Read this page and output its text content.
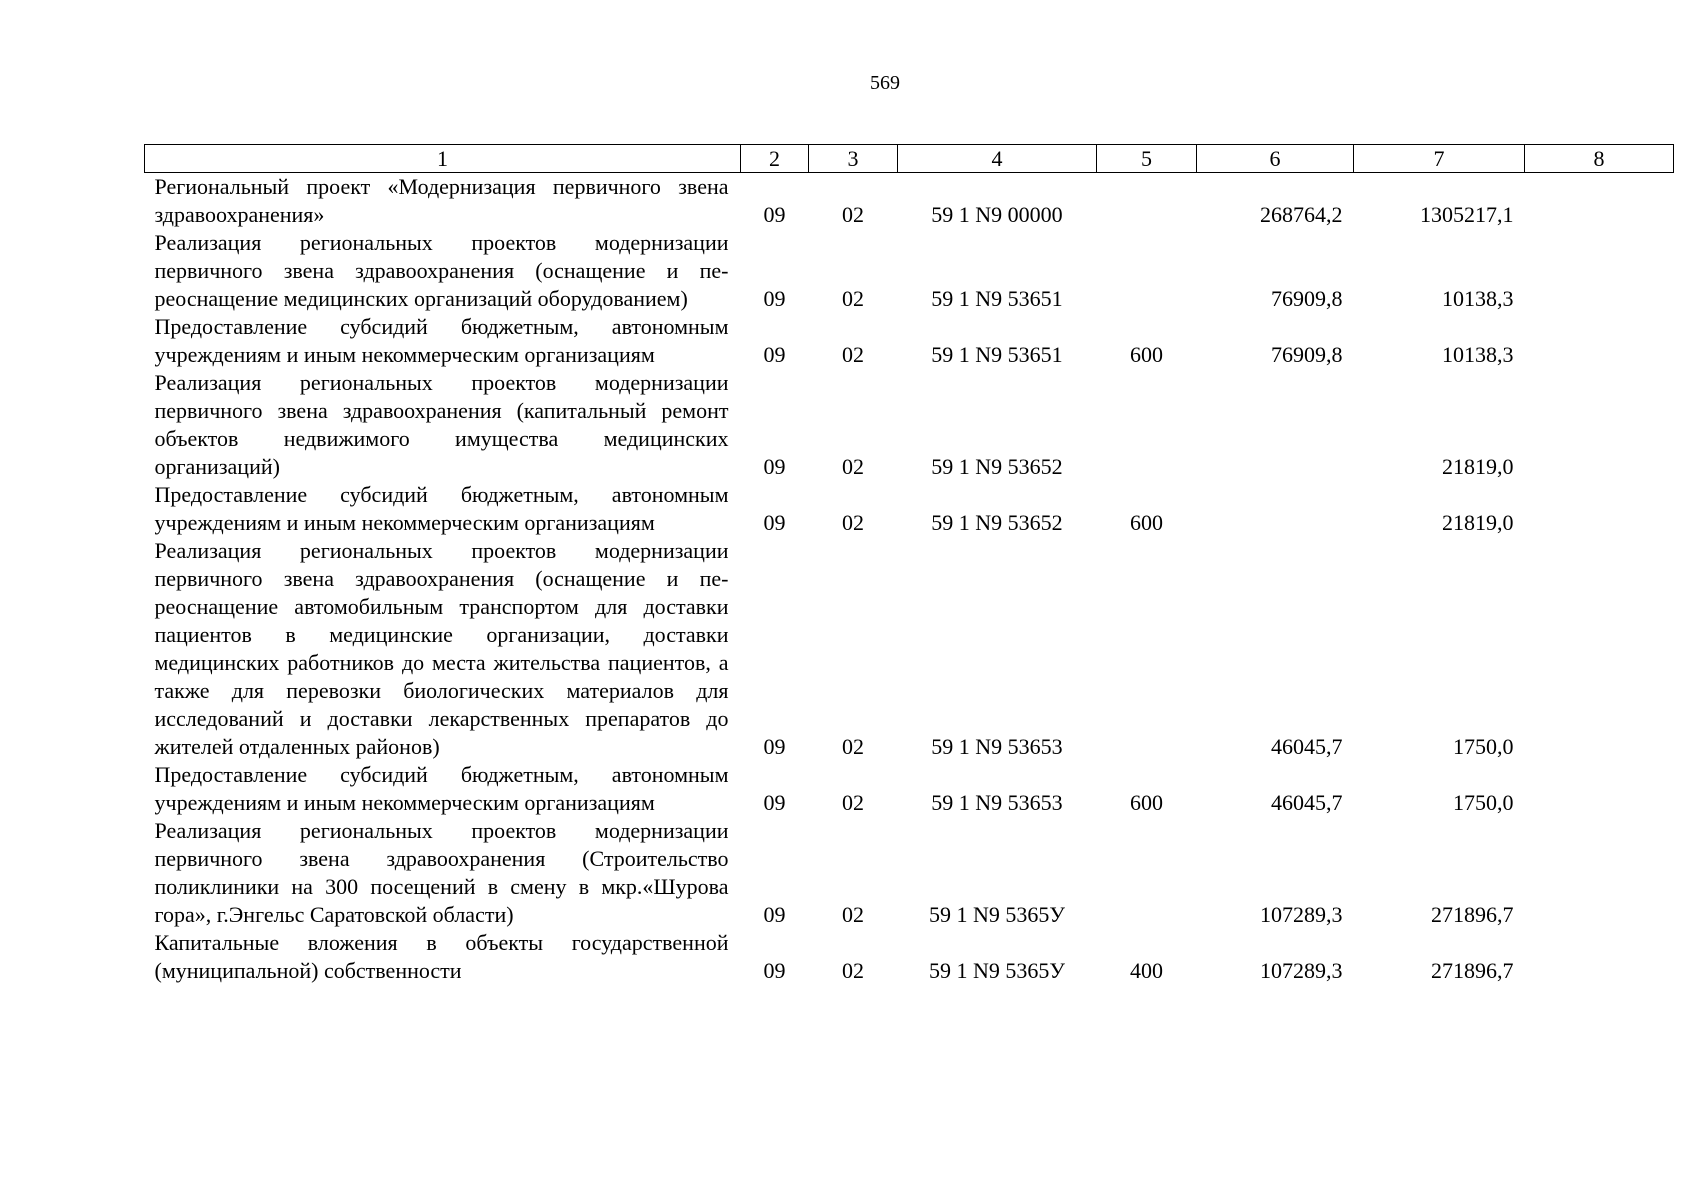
569
1	2	3	4	5	6	7	8
Региональный проект «Модернизация первичного звена здравоохранения»	09	02	59 1 N9 00000		268764,2	1305217,1	
Реализация региональных проектов модернизации первичного звена здравоохранения (оснащение и переоснащение медицинских организаций оборудованием)	09	02	59 1 N9 53651		76909,8	10138,3	
Предоставление субсидий бюджетным, автономным учреждениям и иным некоммерческим организациям	09	02	59 1 N9 53651	600	76909,8	10138,3	
Реализация региональных проектов модернизации первичного звена здравоохранения (капитальный ремонт объектов недвижимого имущества медицинских организаций)	09	02	59 1 N9 53652			21819,0	
Предоставление субсидий бюджетным, автономным учреждениям и иным некоммерческим организациям	09	02	59 1 N9 53652	600		21819,0	
Реализация региональных проектов модернизации первичного звена здравоохранения (оснащение и переоснащение автомобильным транспортом для доставки пациентов в медицинские организации, доставки медицинских работников до места жительства пациентов, а также для перевозки биологических материалов для исследований и доставки лекарственных препаратов до жителей отдаленных районов)	09	02	59 1 N9 53653		46045,7	1750,0	
Предоставление субсидий бюджетным, автономным учреждениям и иным некоммерческим организациям	09	02	59 1 N9 53653	600	46045,7	1750,0	
Реализация региональных проектов модернизации первичного звена здравоохранения (Строительство поликлиники на 300 посещений в смену в мкр.«Шурова гора», г.Энгельс Саратовской области)	09	02	59 1 N9 5365У		107289,3	271896,7	
Капитальные вложения в объекты государственной (муниципальной) собственности	09	02	59 1 N9 5365У	400	107289,3	271896,7	
